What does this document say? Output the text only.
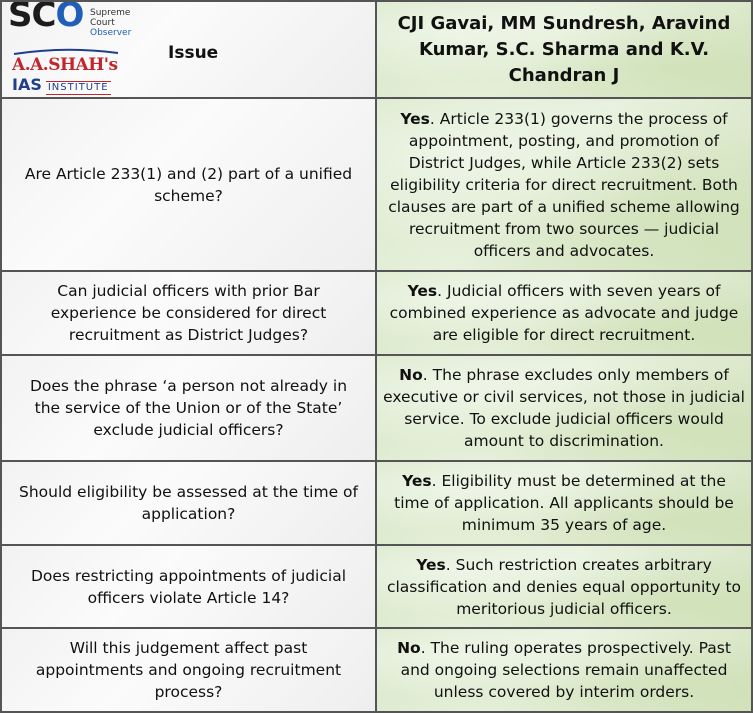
SCO Supreme
Court
Observer
A.A.SHAH's
IAS INSTITUTE
Issue
CJI Gavai, MM Sundresh, Aravind Kumar, S.C. Sharma and K.V. Chandran J
Are Article 233(1) and (2) part of a unified scheme?
Yes. Article 233(1) governs the process of appointment, posting, and promotion of District Judges, while Article 233(2) sets eligibility criteria for direct recruitment. Both clauses are part of a unified scheme allowing recruitment from two sources — judicial officers and advocates.
Can judicial officers with prior Bar experience be considered for direct recruitment as District Judges?
Yes. Judicial officers with seven years of combined experience as advocate and judge are eligible for direct recruitment.
Does the phrase ‘a person not already in the service of the Union or of the State’ exclude judicial officers?
No. The phrase excludes only members of executive or civil services, not those in judicial service. To exclude judicial officers would amount to discrimination.
Should eligibility be assessed at the time of application?
Yes. Eligibility must be determined at the time of application. All applicants should be minimum 35 years of age.
Does restricting appointments of judicial officers violate Article 14?
Yes. Such restriction creates arbitrary classification and denies equal opportunity to meritorious judicial officers.
Will this judgement affect past appointments and ongoing recruitment process?
No. The ruling operates prospectively. Past and ongoing selections remain unaffected unless covered by interim orders.
